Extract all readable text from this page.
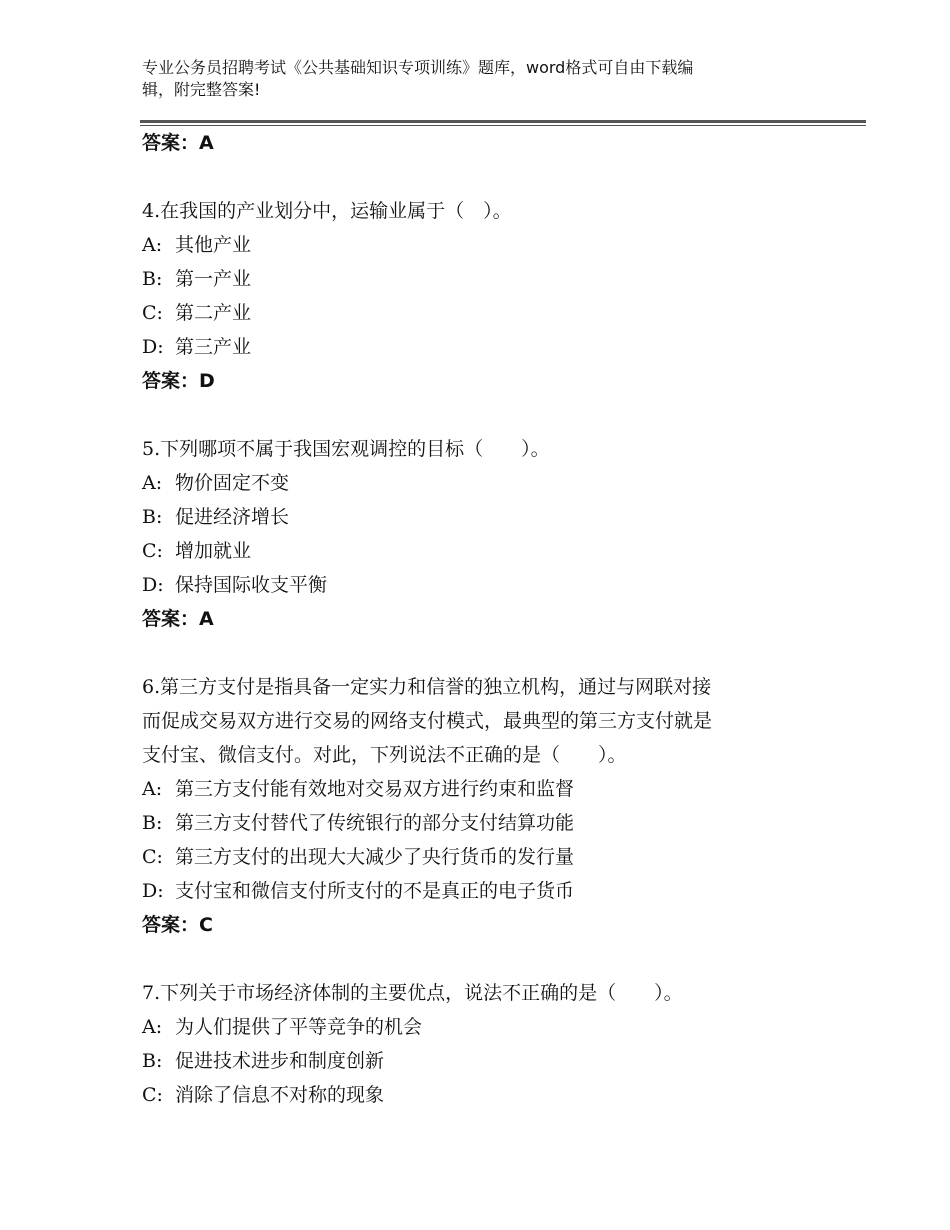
专业公务员招聘考试《公共基础知识专项训练》题库，word格式可自由下载编
辑，附完整答案!
答案：A
4.在我国的产业划分中，运输业属于（　）。
A: 其他产业
B: 第一产业
C: 第二产业
D: 第三产业
答案：D
5.下列哪项不属于我国宏观调控的目标（　　）。
A: 物价固定不变
B: 促进经济增长
C: 增加就业
D: 保持国际收支平衡
答案：A
6.第三方支付是指具备一定实力和信誉的独立机构，通过与网联对接
而促成交易双方进行交易的网络支付模式，最典型的第三方支付就是
支付宝、微信支付。对此，下列说法不正确的是（　　）。
A: 第三方支付能有效地对交易双方进行约束和监督
B: 第三方支付替代了传统银行的部分支付结算功能
C: 第三方支付的出现大大减少了央行货币的发行量
D: 支付宝和微信支付所支付的不是真正的电子货币
答案：C
7.下列关于市场经济体制的主要优点，说法不正确的是（　　）。
A: 为人们提供了平等竞争的机会
B: 促进技术进步和制度创新
C: 消除了信息不对称的现象
